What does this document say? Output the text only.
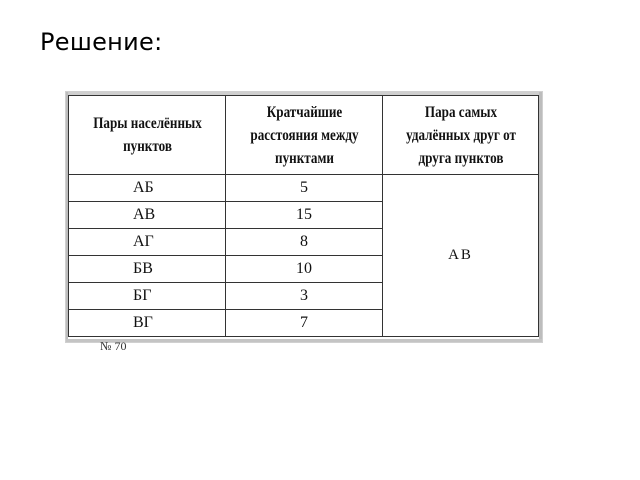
Решение:
Пары населённых пунктов	Кратчайшие расстояния между пунктами	Пара самых удалённых друг от друга пунктов
АБ	5	АВ
АВ	15	
АГ	8	
БВ	10	
БГ	3	
ВГ	7	
№ 70
